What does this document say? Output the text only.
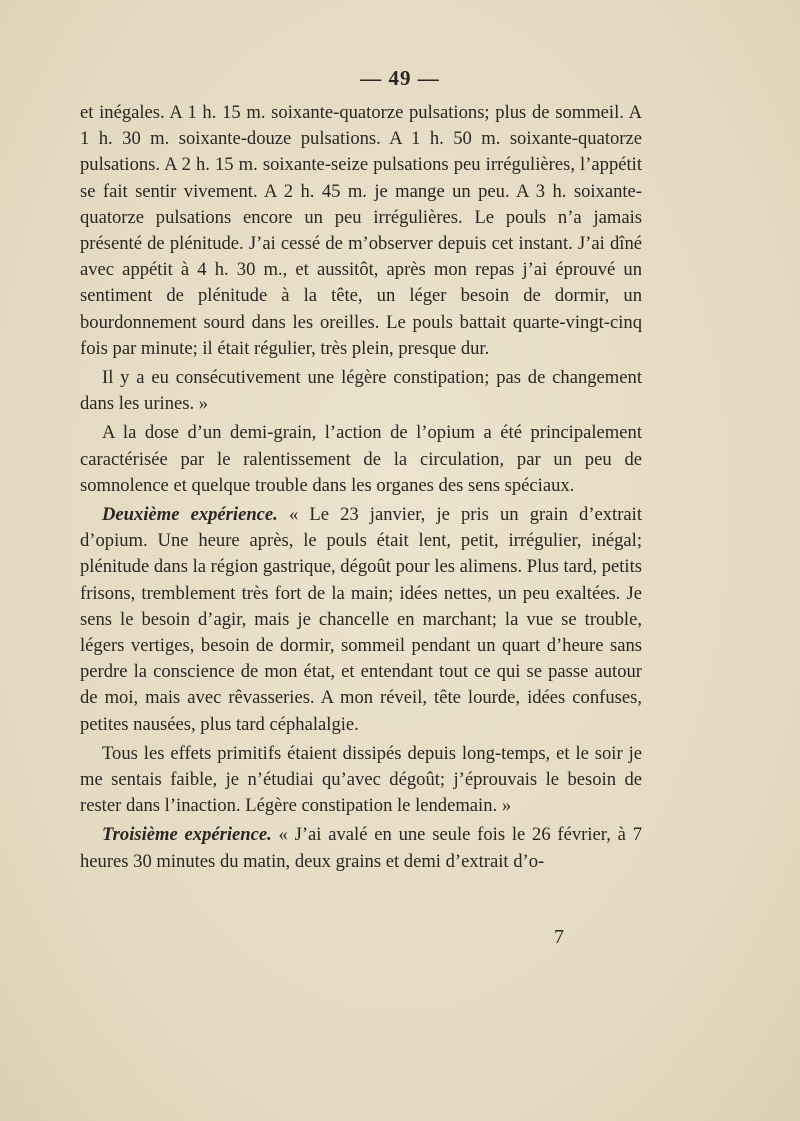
— 49 —

et inégales. A 1 h. 15 m. soixante-quatorze pulsations; plus de sommeil. A 1 h. 30 m. soixante-douze pulsations. A 1 h. 50 m. soixante-quatorze pulsations. A 2 h. 15 m. soixante-seize pulsations peu irrégulières, l’appétit se fait sentir vivement. A 2 h. 45 m. je mange un peu. A 3 h. soixante-quatorze pulsations encore un peu irrégulières. Le pouls n’a jamais présenté de plénitude. J’ai cessé de m’observer depuis cet instant. J’ai dîné avec appétit à 4 h. 30 m., et aussitôt, après mon repas j’ai éprouvé un sentiment de plénitude à la tête, un léger besoin de dormir, un bourdonnement sourd dans les oreilles. Le pouls battait quarte-vingt-cinq fois par minute; il était régulier, très plein, presque dur.

Il y a eu consécutivement une légère constipation; pas de changement dans les urines. »

A la dose d’un demi-grain, l’action de l’opium a été principalement caractérisée par le ralentissement de la circulation, par un peu de somnolence et quelque trouble dans les organes des sens spéciaux.

Deuxième expérience. « Le 23 janvier, je pris un grain d’extrait d’opium. Une heure après, le pouls était lent, petit, irrégulier, inégal; plénitude dans la région gastrique, dégoût pour les alimens. Plus tard, petits frisons, tremblement très fort de la main; idées nettes, un peu exaltées. Je sens le besoin d’agir, mais je chancelle en marchant; la vue se trouble, légers vertiges, besoin de dormir, sommeil pendant un quart d’heure sans perdre la conscience de mon état, et entendant tout ce qui se passe autour de moi, mais avec rêvasseries. A mon réveil, tête lourde, idées confuses, petites nausées, plus tard céphalalgie.

Tous les effets primitifs étaient dissipés depuis long-temps, et le soir je me sentais faible, je n’étudiai qu’avec dégoût; j’éprouvais le besoin de rester dans l’inaction. Légère constipation le lendemain. »

Troisième expérience. « J’ai avalé en une seule fois le 26 février, à 7 heures 30 minutes du matin, deux grains et demi d’extrait d’o-

7
